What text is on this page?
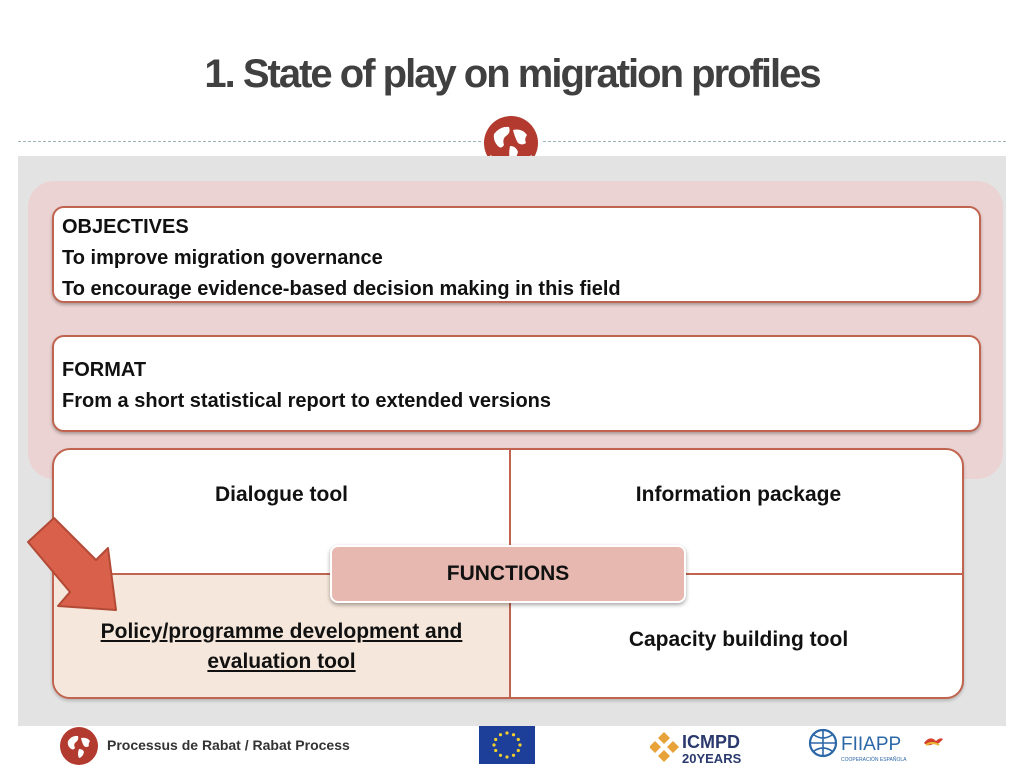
1. State of play on migration profiles
OBJECTIVES
To improve migration governance
To encourage evidence-based decision making in this field
FORMAT
From a short statistical report to extended versions
Dialogue tool	Information package
Policy/programme development and evaluation tool
Capacity building tool
FUNCTIONS
Processus de Rabat / Rabat Process	ICMPD
20YEARS
FIIAPP
COOPERACIÓN ESPAÑOLA
